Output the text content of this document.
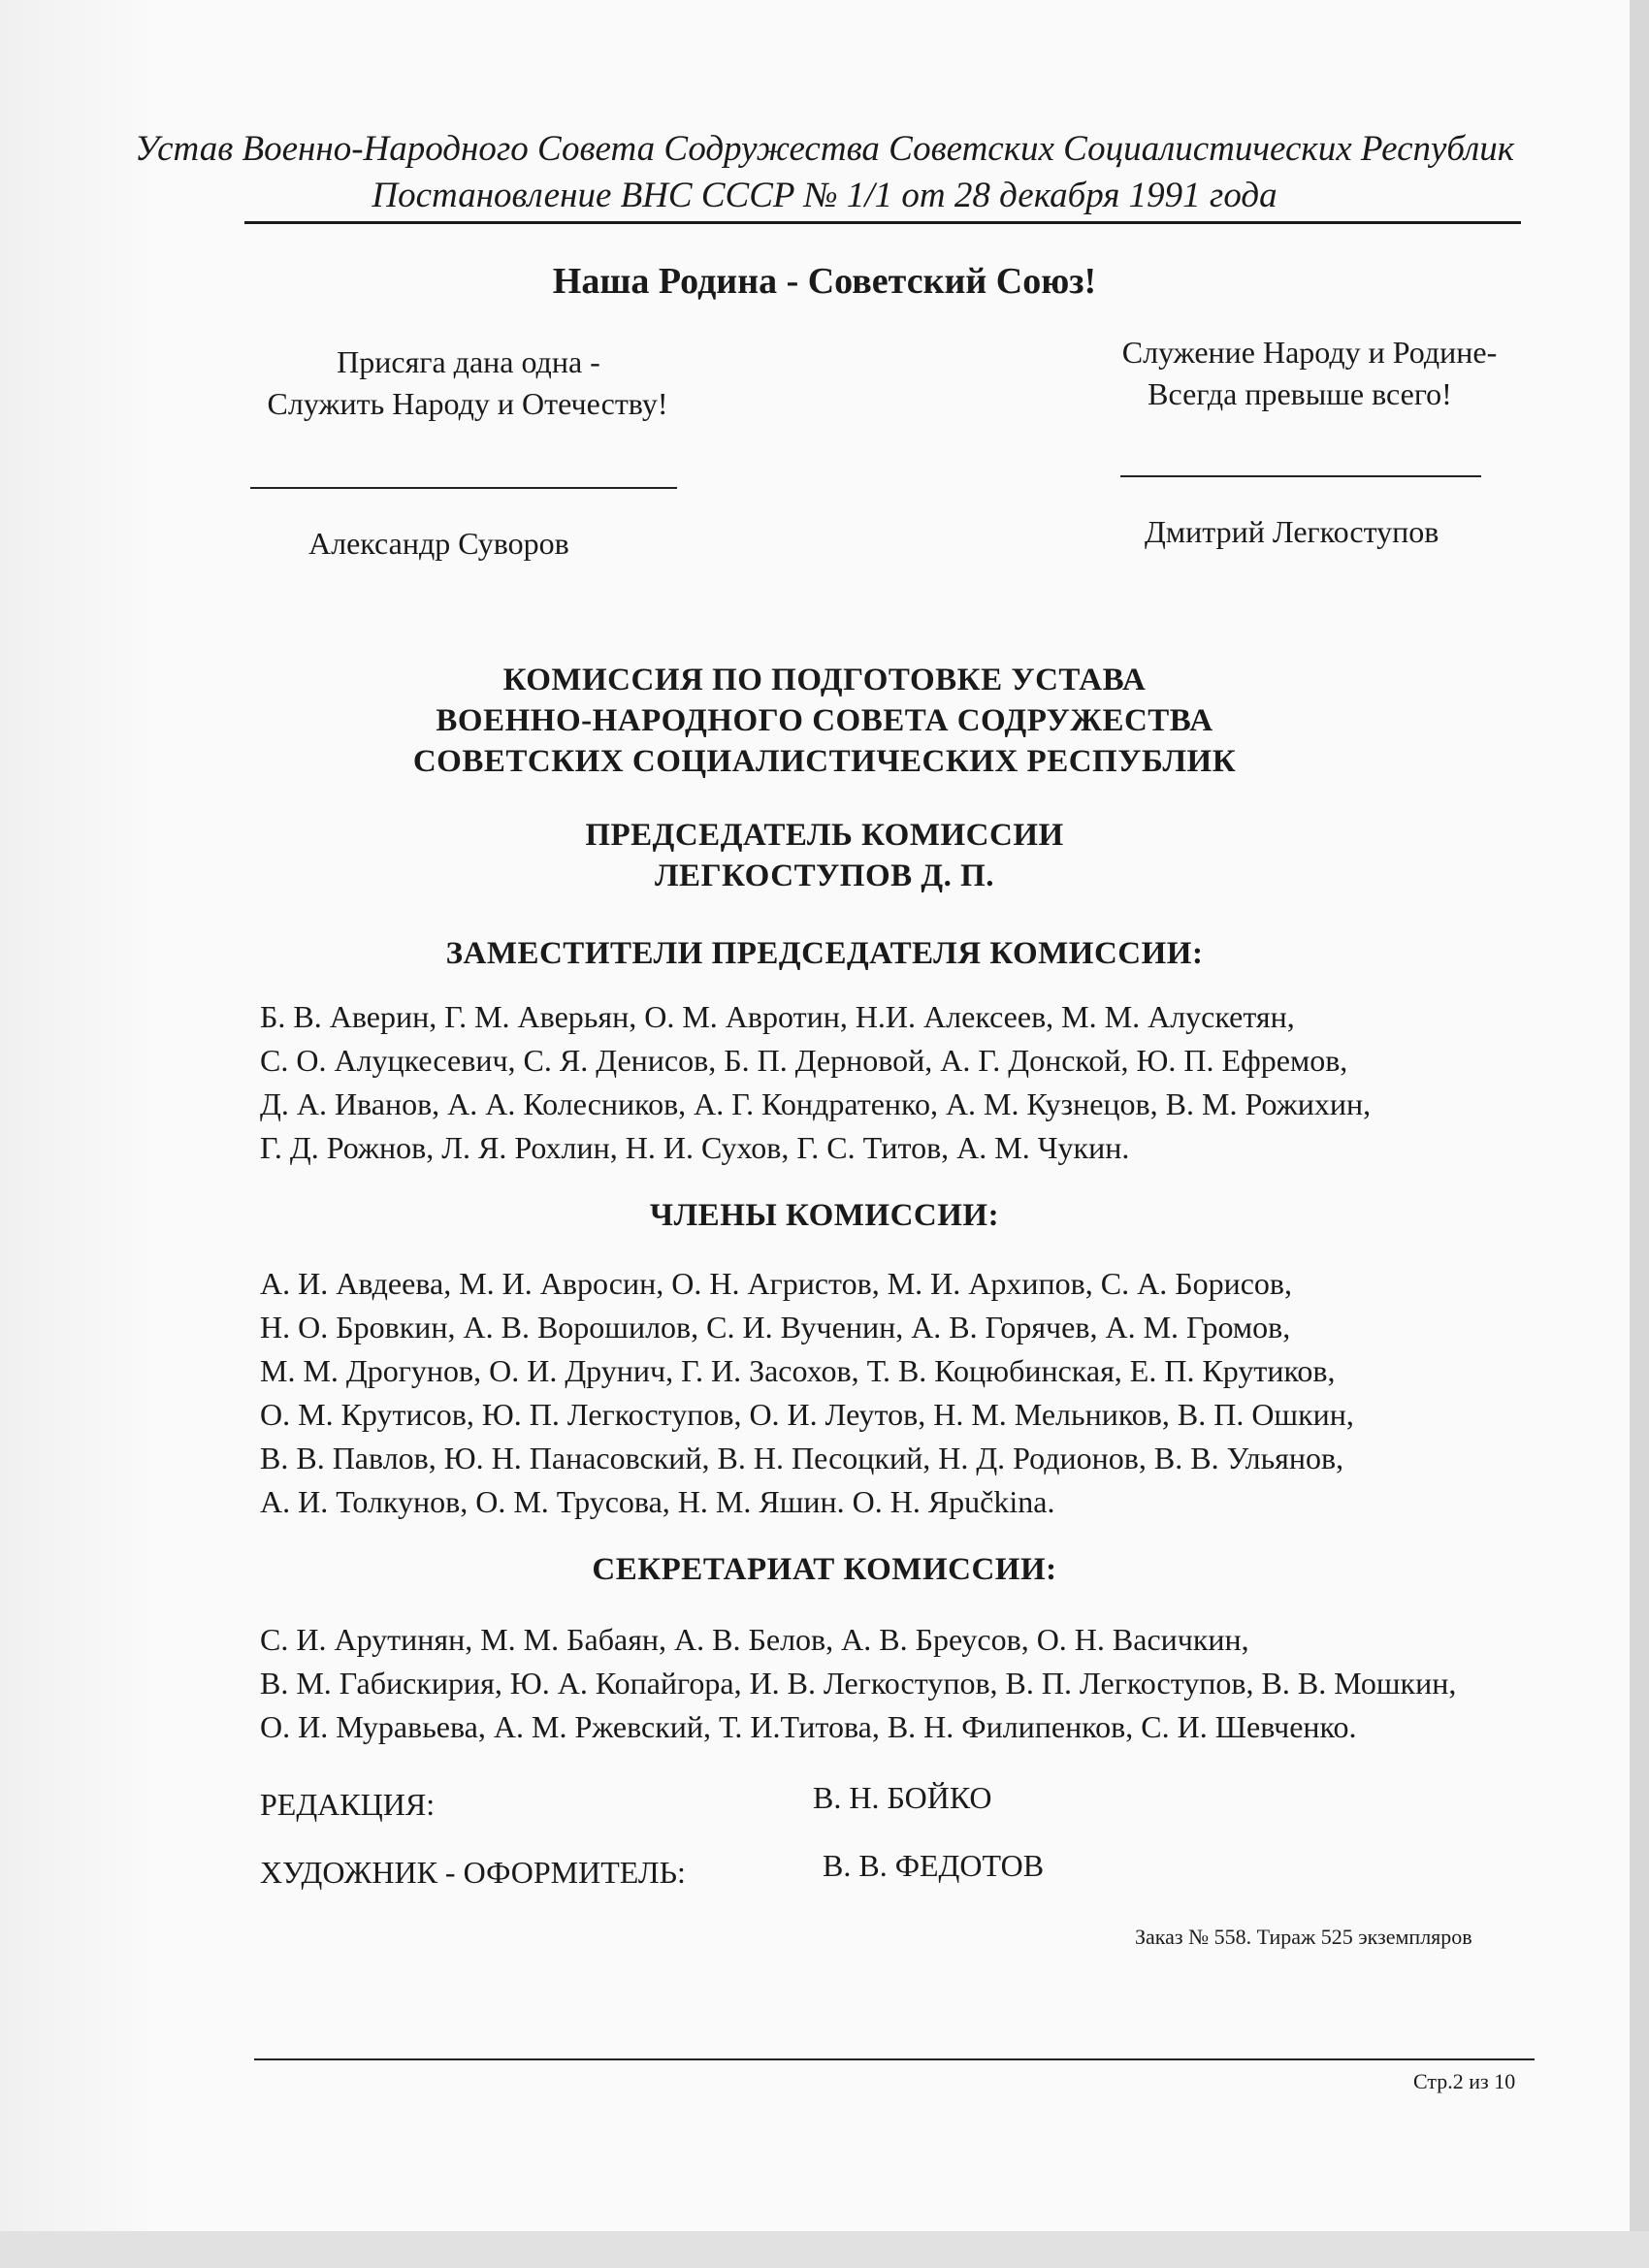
Устав Военно-Народного Совета Содружества Советских Социалистических Республик
Постановление ВНС СССР № 1/1 от 28 декабря 1991 года
Наша Родина - Советский Союз!
Присяга дана одна -
Служить Народу и Отечеству!
Служение Народу и Родине-
Всегда превыше всего!
Александр Суворов	Дмитрий Легкоступов
КОМИССИЯ ПО ПОДГОТОВКЕ УСТАВА
ВОЕННО-НАРОДНОГО СОВЕТА СОДРУЖЕСТВА
СОВЕТСКИХ СОЦИАЛИСТИЧЕСКИХ РЕСПУБЛИК
ПРЕДСЕДАТЕЛЬ КОМИССИИ
ЛЕГКОСТУПОВ Д. П.
ЗАМЕСТИТЕЛИ ПРЕДСЕДАТЕЛЯ КОМИССИИ:
Б. В. Аверин, Г. М. Аверьян, О. М. Авротин, Н.И. Алексеев, М. М. Алускетян,
С. О. Алуцкесевич, С. Я. Денисов, Б. П. Дерновой, А. Г. Донской, Ю. П. Ефремов,
Д. А. Иванов, А. А. Колесников, А. Г. Кондратенко, А. М. Кузнецов, В. М. Рожихин,
Г. Д. Рожнов, Л. Я. Рохлин, Н. И. Сухов, Г. С. Титов, А. М. Чукин.
ЧЛЕНЫ КОМИССИИ:
А. И. Авдеева, М. И. Авросин, О. Н. Агристов, М. И. Архипов, С. А. Борисов,
Н. О. Бровкин, А. В. Ворошилов, С. И. Вученин, А. В. Горячев, А. М. Громов,
М. М. Дрогунов, О. И. Друнич, Г. И. Засохов, Т. В. Коцюбинская, Е. П. Крутиков,
О. М. Крутисов, Ю. П. Легкоступов, О. И. Леутов, Н. М. Мельников, В. П. Ошкин,
В. В. Павлов, Ю. Н. Панасовский, В. Н. Песоцкий, Н. Д. Родионов, В. В. Ульянов,
А. И. Толкунов, О. М. Трусова, Н. М. Яшин. О. Н. Ярučkina.
СЕКРЕТАРИАТ КОМИССИИ:
С. И. Арутинян, М. М. Бабаян, А. В. Белов, А. В. Бреусов, О. Н. Васичкин,
В. М. Габискирия, Ю. А. Копайгора, И. В. Легкоступов, В. П. Легкоступов, В. В. Мошкин,
О. И. Муравьева, А. М. Ржевский, Т. И.Титова, В. Н. Филипенков, С. И. Шевченко.
РЕДАКЦИЯ:	В. Н. БОЙКО
ХУДОЖНИК - ОФОРМИТЕЛЬ:	В. В. ФЕДОТОВ
Заказ № 558. Тираж 525 экземпляров
Стр.2 из 10
